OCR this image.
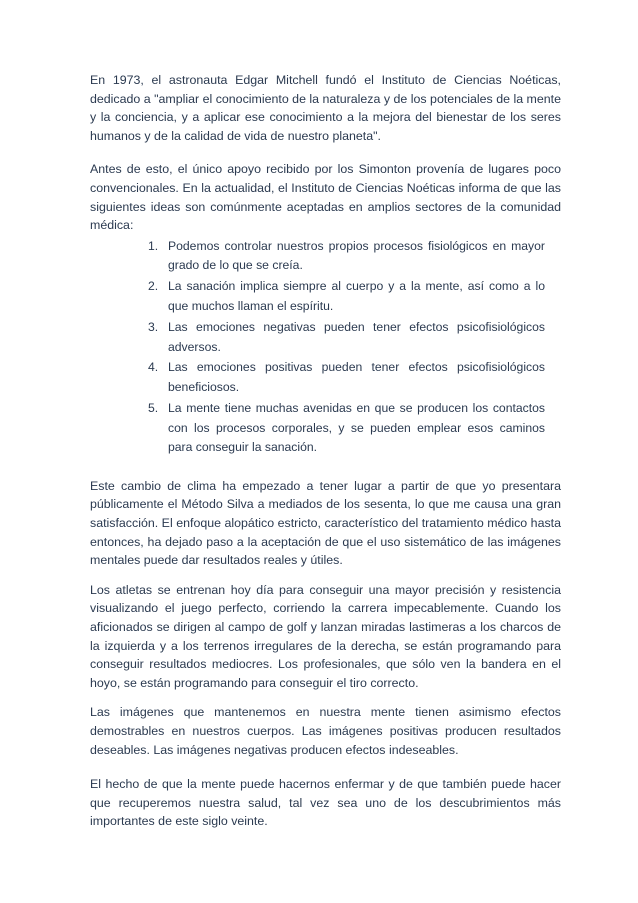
En 1973, el astronauta Edgar Mitchell fundó el Instituto de Ciencias Noéticas, dedicado a "ampliar el conocimiento de la naturaleza y de los potenciales de la mente y la conciencia, y a aplicar ese conocimiento a la mejora del bienestar de los seres humanos y de la calidad de vida de nuestro planeta".

Antes de esto, el único apoyo recibido por los Simonton provenía de lugares poco convencionales. En la actualidad, el Instituto de Ciencias Noéticas informa de que las siguientes ideas son comúnmente aceptadas en amplios sectores de la comunidad médica:

1. Podemos controlar nuestros propios procesos fisiológicos en mayor grado de lo que se creía.
2. La sanación implica siempre al cuerpo y a la mente, así como a lo que muchos llaman el espíritu.
3. Las emociones negativas pueden tener efectos psicofisiológicos adversos.
4. Las emociones positivas pueden tener efectos psicofisiológicos beneficiosos.
5. La mente tiene muchas avenidas en que se producen los contactos con los procesos corporales, y se pueden emplear esos caminos para conseguir la sanación.

Este cambio de clima ha empezado a tener lugar a partir de que yo presentara públicamente el Método Silva a mediados de los sesenta, lo que me causa una gran satisfacción. El enfoque alopático estricto, característico del tratamiento médico hasta entonces, ha dejado paso a la aceptación de que el uso sistemático de las imágenes mentales puede dar resultados reales y útiles.

Los atletas se entrenan hoy día para conseguir una mayor precisión y resistencia visualizando el juego perfecto, corriendo la carrera impecablemente. Cuando los aficionados se dirigen al campo de golf y lanzan miradas lastimeras a los charcos de la izquierda y a los terrenos irregulares de la derecha, se están programando para conseguir resultados mediocres. Los profesionales, que sólo ven la bandera en el hoyo, se están programando para conseguir el tiro correcto.

Las imágenes que mantenemos en nuestra mente tienen asimismo efectos demostrables en nuestros cuerpos. Las imágenes positivas producen resultados deseables. Las imágenes negativas producen efectos indeseables.

El hecho de que la mente puede hacernos enfermar y de que también puede hacer que recuperemos nuestra salud, tal vez sea uno de los descubrimientos más importantes de este siglo veinte.
